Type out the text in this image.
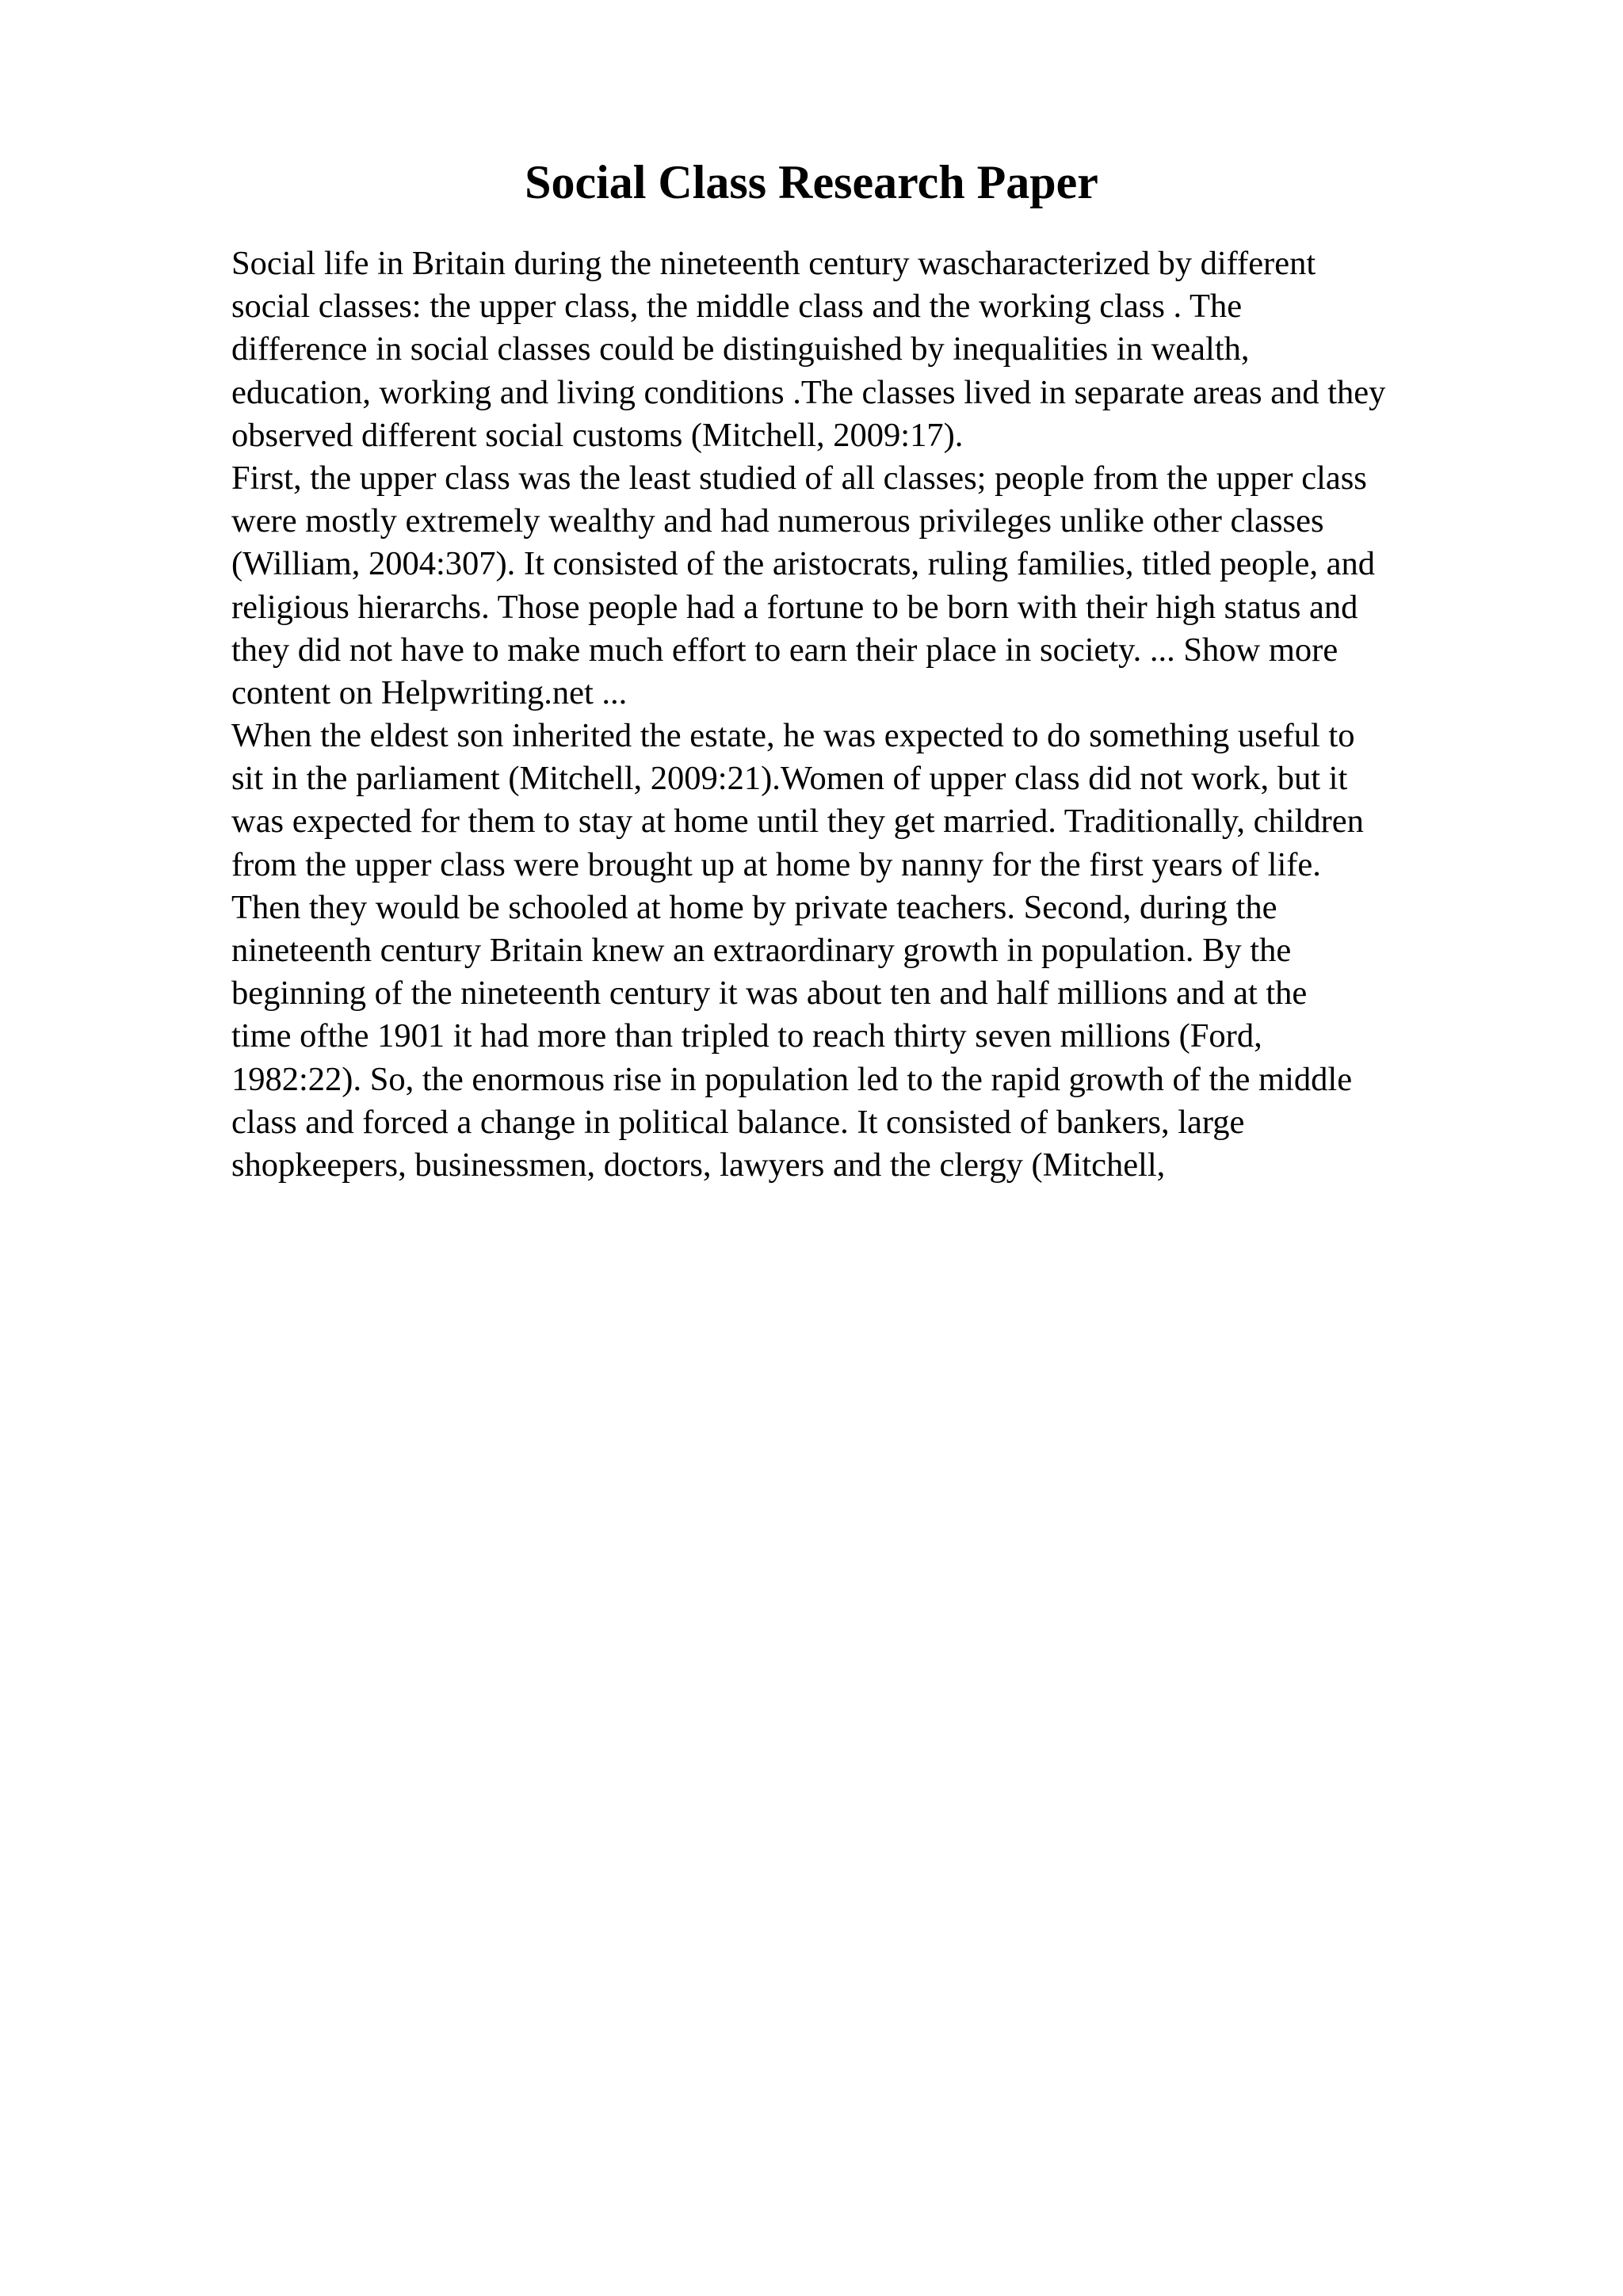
Social Class Research Paper
Social life in Britain during the nineteenth century wascharacterized by different
social classes: the upper class, the middle class and the working class . The
difference in social classes could be distinguished by inequalities in wealth,
education, working and living conditions .The classes lived in separate areas and they
observed different social customs (Mitchell, 2009:17).
First, the upper class was the least studied of all classes; people from the upper class
were mostly extremely wealthy and had numerous privileges unlike other classes
(William, 2004:307). It consisted of the aristocrats, ruling families, titled people, and
religious hierarchs. Those people had a fortune to be born with their high status and
they did not have to make much effort to earn their place in society. ... Show more
content on Helpwriting.net ...
When the eldest son inherited the estate, he was expected to do something useful to
sit in the parliament (Mitchell, 2009:21).Women of upper class did not work, but it
was expected for them to stay at home until they get married. Traditionally, children
from the upper class were brought up at home by nanny for the first years of life.
Then they would be schooled at home by private teachers. Second, during the
nineteenth century Britain knew an extraordinary growth in population. By the
beginning of the nineteenth century it was about ten and half millions and at the
time ofthe 1901 it had more than tripled to reach thirty seven millions (Ford,
1982:22). So, the enormous rise in population led to the rapid growth of the middle
class and forced a change in political balance. It consisted of bankers, large
shopkeepers, businessmen, doctors, lawyers and the clergy (Mitchell,
